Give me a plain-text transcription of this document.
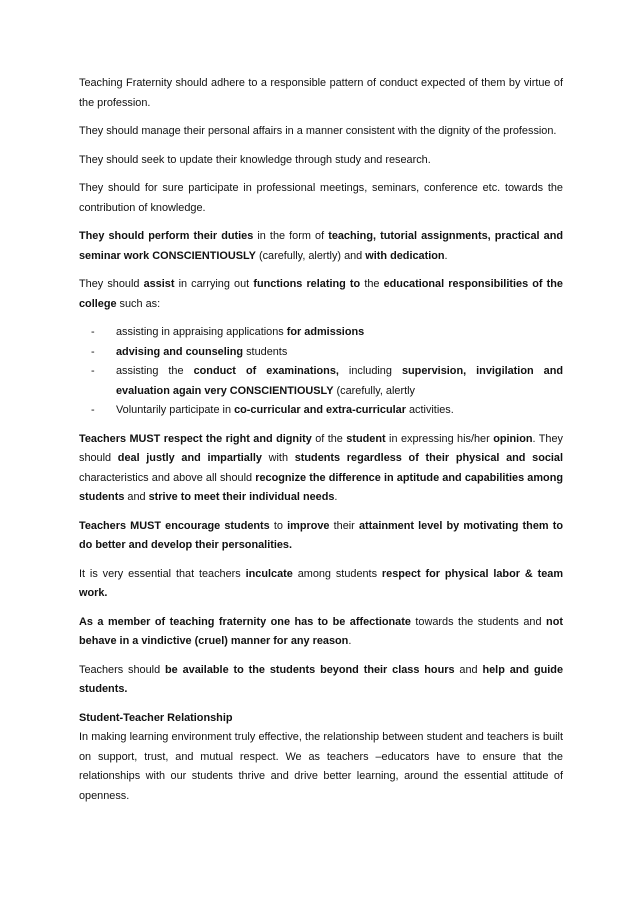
Teaching Fraternity should adhere to a responsible pattern of conduct expected of them by virtue of the profession.

They should manage their personal affairs in a manner consistent with the dignity of the profession.

They should seek to update their knowledge through study and research.

They should for sure participate in professional meetings, seminars, conference etc. towards the contribution of knowledge.

They should perform their duties in the form of teaching, tutorial assignments, practical and seminar work CONSCIENTIOUSLY (carefully, alertly) and with dedication.

They should assist in carrying out functions relating to the educational responsibilities of the college such as:

- assisting in appraising applications for admissions
- advising and counseling students
- assisting the conduct of examinations, including supervision, invigilation and evaluation again very CONSCIENTIOUSLY (carefully, alertly
- Voluntarily participate in co-curricular and extra-curricular activities.

Teachers MUST respect the right and dignity of the student in expressing his/her opinion. They should deal justly and impartially with students regardless of their physical and social characteristics and above all should recognize the difference in aptitude and capabilities among students and strive to meet their individual needs.

Teachers MUST encourage students to improve their attainment level by motivating them to do better and develop their personalities.

It is very essential that teachers inculcate among students respect for physical labor & team work.

As a member of teaching fraternity one has to be affectionate towards the students and not behave in a vindictive (cruel) manner for any reason.

Teachers should be available to the students beyond their class hours and help and guide students.

Student-Teacher Relationship
In making learning environment truly effective, the relationship between student and teachers is built on support, trust, and mutual respect. We as teachers –educators have to ensure that the relationships with our students thrive and drive better learning, around the essential attitude of openness.
